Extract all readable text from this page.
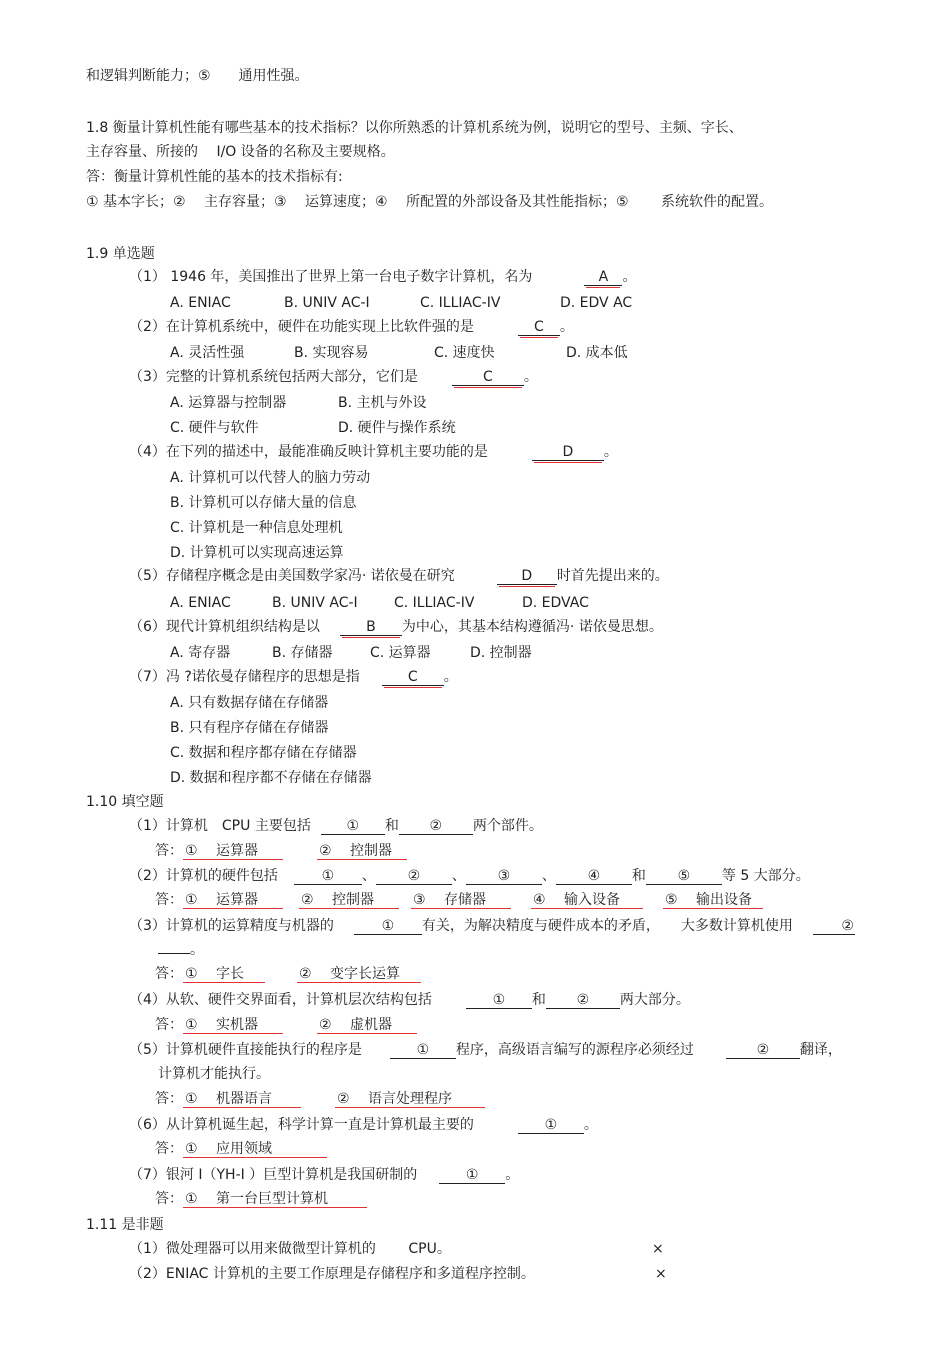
和逻辑判断能力；⑤　　通用性强。
1.8 衡量计算机性能有哪些基本的技术指标？以你所熟悉的计算机系统为例，说明它的型号、主频、字长、
主存容量、所接的　 I/O 设备的名称及主要规格。
答：衡量计算机性能的基本的技术指标有:
① 基本字长；②　 主存容量；③　 运算速度；④　 所配置的外部设备及其性能指标；⑤　　 系统软件的配置。
1.9 单选题
（1） 1946 年，美国推出了世界上第一台电子数字计算机，名为	A 。
A. ENIAC	B. UNIV AC-I	C. ILLIAC-IV	D. EDV AC
（2）在计算机系统中，硬件在功能实现上比软件强的是	C 。
A. 灵活性强	B. 实现容易	C. 速度快	D. 成本低
（3）完整的计算机系统包括两大部分，它们是	C 。
A. 运算器与控制器	B. 主机与外设
C. 硬件与软件	D. 硬件与操作系统
（4）在下列的描述中，最能准确反映计算机主要功能的是	D 。
A. 计算机可以代替人的脑力劳动
B. 计算机可以存储大量的信息
C. 计算机是一种信息处理机
D. 计算机可以实现高速运算
（5）存储程序概念是由美国数学家冯· 诺依曼在研究	D 时首先提出来的。
A. ENIAC	B. UNIV AC-I	C. ILLIAC-IV	D. EDVAC
（6）现代计算机组织结构是以	B 为中心，其基本结构遵循冯· 诺依曼思想。
A. 寄存器	B. 存储器	C. 运算器	D. 控制器
（7）冯 ?诺依曼存储程序的思想是指	C 。
A. 只有数据存储在存储器
B. 只有程序存储在存储器
C. 数据和程序都存储在存储器
D. 数据和程序都不存储在存储器
1.10 填空题
（1）计算机　CPU 主要包括	① 和 ② 两个部件。
答： ①　 运算器	②　 控制器
（2）计算机的硬件包括	① 、 ② 、 ③ 、 ④ 和 ⑤ 等 5 大部分。
答： ①　 运算器	②　 控制器	③　 存储器	④　 输入设备	⑤　 输出设备
（3）计算机的运算精度与机器的	① 有关，为解决精度与硬件成本的矛盾，　　大多数计算机使用	②
。
答： ①　 字长	②　 变字长运算
（4）从软、硬件交界面看，计算机层次结构包括	① 和 ② 两大部分。
答： ①　 实机器	②　 虚机器
（5）计算机硬件直接能执行的程序是	① 程序，高级语言编写的源程序必须经过	② 翻译，
计算机才能执行。
答： ①　 机器语言	②　 语言处理程序
（6）从计算机诞生起，科学计算一直是计算机最主要的	① 。
答： ①　 应用领域
（7）银河 I（YH-I ）巨型计算机是我国研制的	① 。
答： ①　 第一台巨型计算机
1.11 是非题
（1）微处理器可以用来做微型计算机的　　 CPU。	×
（2）ENIAC 计算机的主要工作原理是存储程序和多道程序控制。	×
